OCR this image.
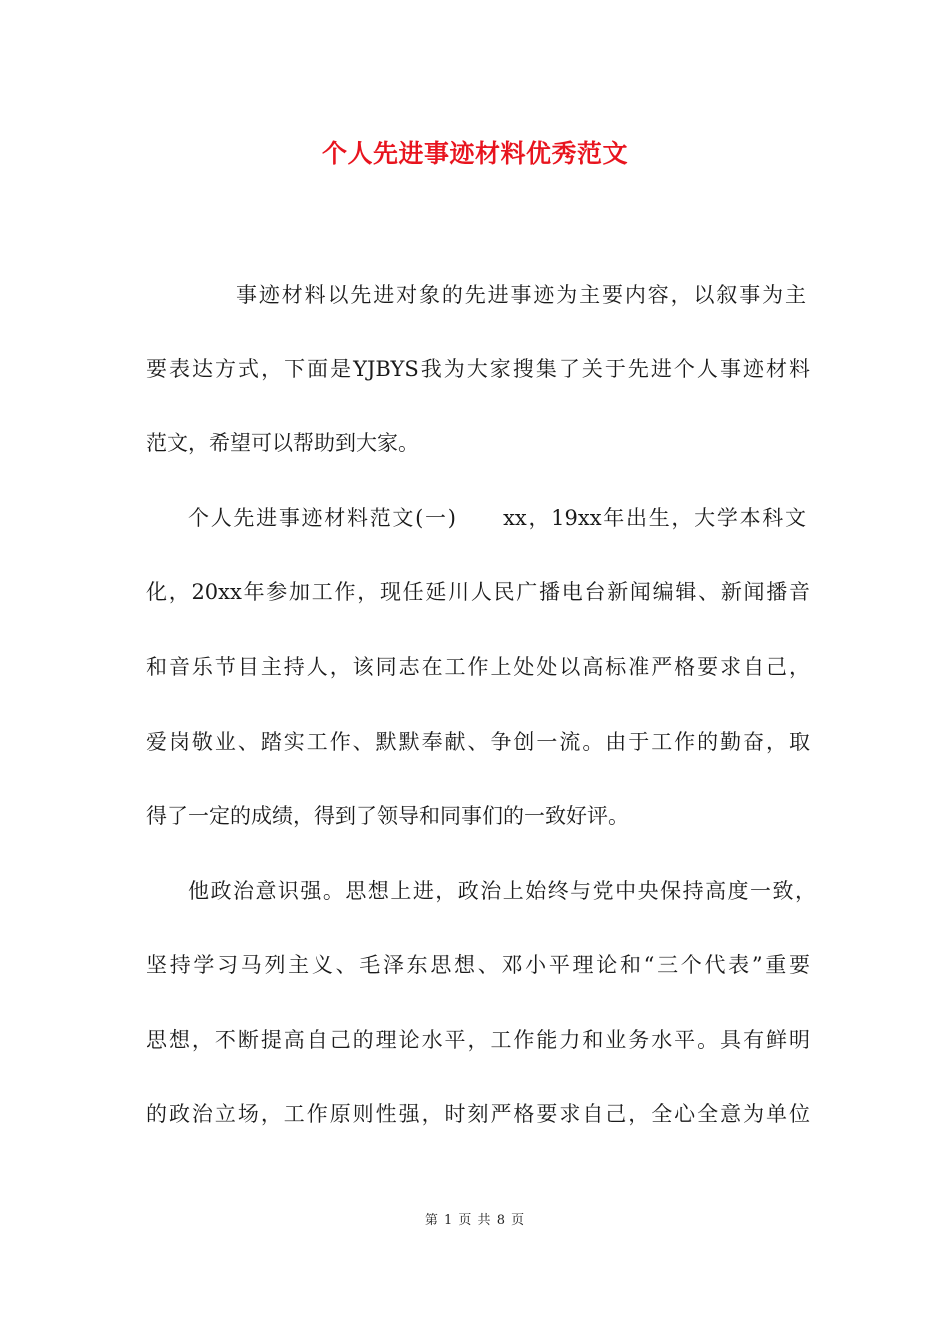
个人先进事迹材料优秀范文
事迹材料以先进对象的先进事迹为主要内容，以叙事为主
要表达方式，下面是YJBYS我为大家搜集了关于先进个人事迹材料
范文，希望可以帮助到大家。
个人先进事迹材料范文(一)　　xx，19xx年出生，大学本科文
化，20xx年参加工作，现任延川人民广播电台新闻编辑、新闻播音
和音乐节目主持人，该同志在工作上处处以高标准严格要求自己，
爱岗敬业、踏实工作、默默奉献、争创一流。由于工作的勤奋，取
得了一定的成绩，得到了领导和同事们的一致好评。
他政治意识强。思想上进，政治上始终与党中央保持高度一致，
坚持学习马列主义、毛泽东思想、邓小平理论和“三个代表”重要
思想，不断提高自己的理论水平，工作能力和业务水平。具有鲜明
的政治立场，工作原则性强，时刻严格要求自己，全心全意为单位
第 1 页 共 8 页
